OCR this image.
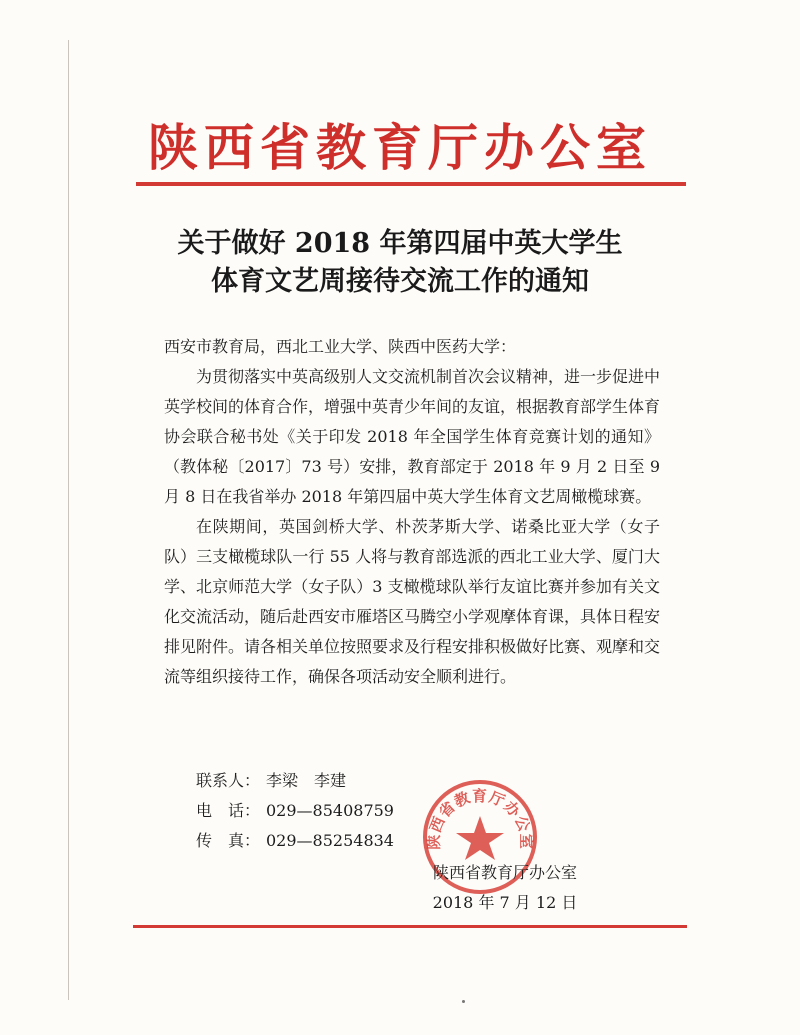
陕西省教育厅办公室
关于做好 2018 年第四届中英大学生
体育文艺周接待交流工作的通知

西安市教育局，西北工业大学、陕西中医药大学：

为贯彻落实中英高级别人文交流机制首次会议精神，进一步促进中英学校间的体育合作，增强中英青少年间的友谊，根据教育部学生体育协会联合秘书处《关于印发 2018 年全国学生体育竞赛计划的通知》（教体秘〔2017〕73 号）安排，教育部定于 2018 年 9 月 2 日至 9 月 8 日在我省举办 2018 年第四届中英大学生体育文艺周橄榄球赛。

在陕期间，英国剑桥大学、朴茨茅斯大学、诺桑比亚大学（女子队）三支橄榄球队一行 55 人将与教育部选派的西北工业大学、厦门大学、北京师范大学（女子队）3 支橄榄球队举行友谊比赛并参加有关文化交流活动，随后赴西安市雁塔区马腾空小学观摩体育课，具体日程安排见附件。请各相关单位按照要求及行程安排积极做好比赛、观摩和交流等组织接待工作，确保各项活动安全顺利进行。

联系人： 李梁　李建
电　话： 029—85408759
传　真： 029—85254834 陕西省教育厅办公室
陕西省教育厅办公室
2018 年 7 月 12 日
